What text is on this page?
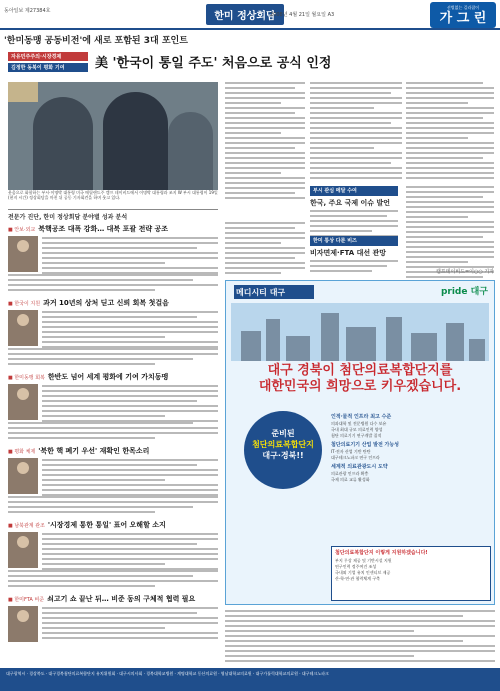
동아일보 제27384호	한미 정상회담
2008년 4월 21일 월요일 A3
선별없는 길라잡이
가 그 린
'한미동맹 공동비전'에 새로 포함된 3대 포인트
자유민주주의·시장경제
김정한 동북이 평화 기여	美 '한국이 통일 주도' 처음으로 공식 인정
웃음으로 화합하는 부시·이명박 대통령 미국 메릴랜드주 캠프 데이비드에서 이명박 대통령과 조지 W 부시 대통령이 19일(현지 시간) 정상회담을 마친 뒤 공동 기자회견을 하며 웃고 있다.
부시 관심 메달 수여
한국, 주요 국제 이슈 발언
한미 통상 다룬 비즈
비자면제·FTA 대선 관망
캠프데이비드=이○○ 기자
전문가 진단, 한미 정상회담 분야별 성과 분석
■ 안보·외교 북핵공조 대폭 강화… 대북 포괄 전략 공조
■ 한국이 지원 과거 10년의 상처 딛고 신뢰 회복 첫걸음
■ 한미동맹 회복 한반도 넘어 세계 평화에 기여 가치동맹
■ 평화 체제 '북한 핵 폐기 우선' 재확인 한목소리
■ 남북관계 관조 '시장경제 통한 통일' 표어 오해할 소지
■ 한미FTA 비준 쇠고기 쇼 끝난 뒤… 비준 동의 구체적 협력 필요
메디시티 대구	pride 대구
대구 경북이 첨단의료복합단지를
대한민국의 희망으로 키우겠습니다.
준비된
첨단의료복합단지
대구·경북!!
인적·물적 인프라 최고 수준
의과대학 및 전문병원 다수 보유
국내 최대 규모 의료인력 양성
첨단 의료기기 연구개발 집적
첨단의료기기 산업 발전 가능성
IT·전자 산업 기반 탄탄
대구테크노파크 연구 인프라
세계적 의료관광도시 도약
의료관광 인프라 확충
국제 의료 교류 활성화
첨단의료복합단지 이렇게 지원하겠습니다!
부지 무상 제공 및 기반시설 지원
연구인력 정주여건 조성
국내외 기업 유치 인센티브 제공
산·학·연·관 협력체계 구축
대구광역시 · 경상북도 · 대구경북첨단의료복합단지 유치위원회 · 대구시의사회 · 경북대학교병원 · 계명대학교 동산의료원 · 영남대학교의료원 · 대구가톨릭대학교의료원 · 대구테크노파크
